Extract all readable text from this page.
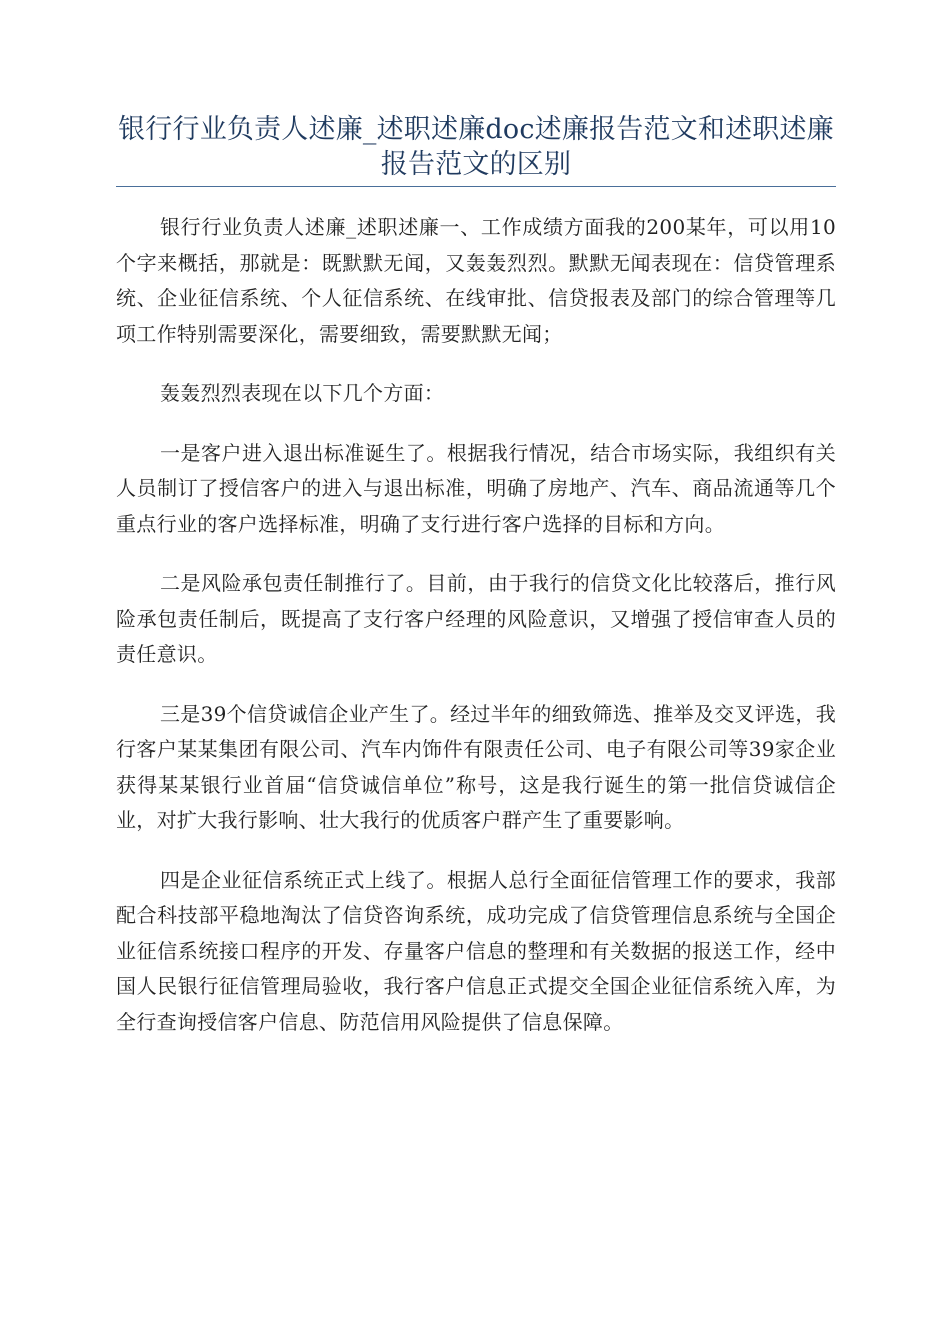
银行行业负责人述廉_述职述廉doc述廉报告范文和述职述廉报告范文的区别

银行行业负责人述廉_述职述廉一、工作成绩方面我的200某年，可以用10个字来概括，那就是：既默默无闻，又轰轰烈烈。默默无闻表现在：信贷管理系统、企业征信系统、个人征信系统、在线审批、信贷报表及部门的综合管理等几项工作特别需要深化，需要细致，需要默默无闻；

轰轰烈烈表现在以下几个方面：

一是客户进入退出标准诞生了。根据我行情况，结合市场实际，我组织有关人员制订了授信客户的进入与退出标准，明确了房地产、汽车、商品流通等几个重点行业的客户选择标准，明确了支行进行客户选择的目标和方向。

二是风险承包责任制推行了。目前，由于我行的信贷文化比较落后，推行风险承包责任制后，既提高了支行客户经理的风险意识，又增强了授信审查人员的责任意识。

三是39个信贷诚信企业产生了。经过半年的细致筛选、推举及交叉评选，我行客户某某集团有限公司、汽车内饰件有限责任公司、电子有限公司等39家企业获得某某银行业首届“信贷诚信单位”称号，这是我行诞生的第一批信贷诚信企业，对扩大我行影响、壮大我行的优质客户群产生了重要影响。

四是企业征信系统正式上线了。根据人总行全面征信管理工作的要求，我部配合科技部平稳地淘汰了信贷咨询系统，成功完成了信贷管理信息系统与全国企业征信系统接口程序的开发、存量客户信息的整理和有关数据的报送工作，经中国人民银行征信管理局验收，我行客户信息正式提交全国企业征信系统入库，为全行查询授信客户信息、防范信用风险提供了信息保障。
